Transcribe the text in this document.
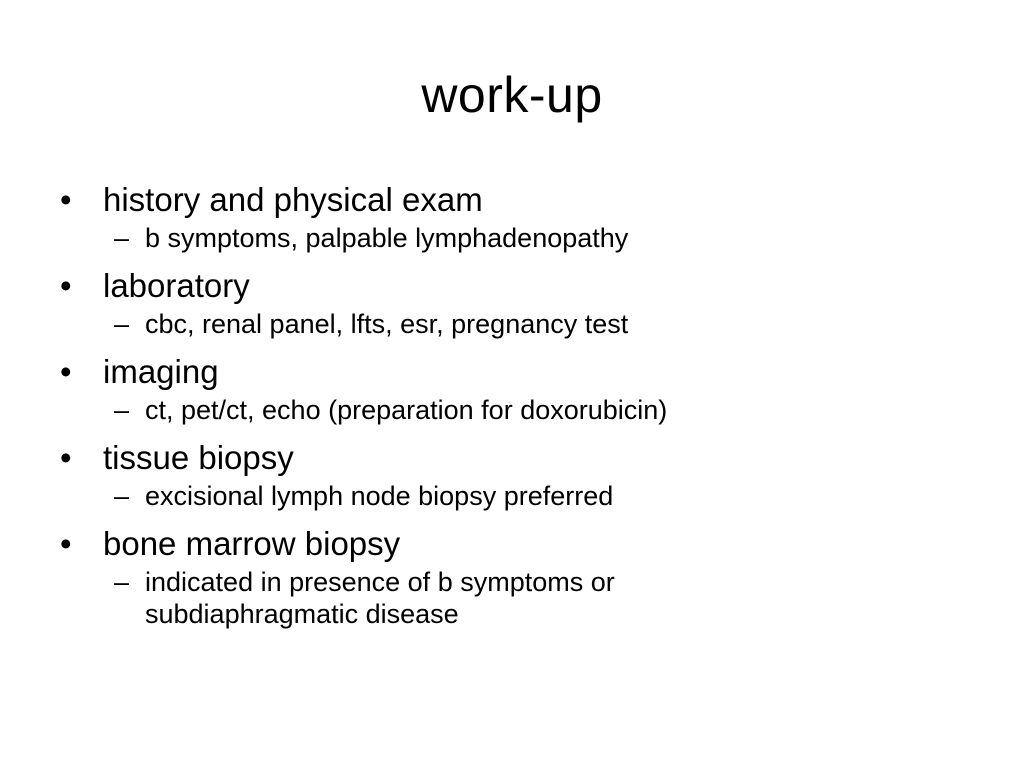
work-up
• history and physical exam
– b symptoms, palpable lymphadenopathy
• laboratory
– cbc, renal panel, lfts, esr, pregnancy test
• imaging
– ct, pet/ct, echo (preparation for doxorubicin)
• tissue biopsy
– excisional lymph node biopsy preferred
• bone marrow biopsy
– indicated in presence of b symptoms or subdiaphragmatic disease
